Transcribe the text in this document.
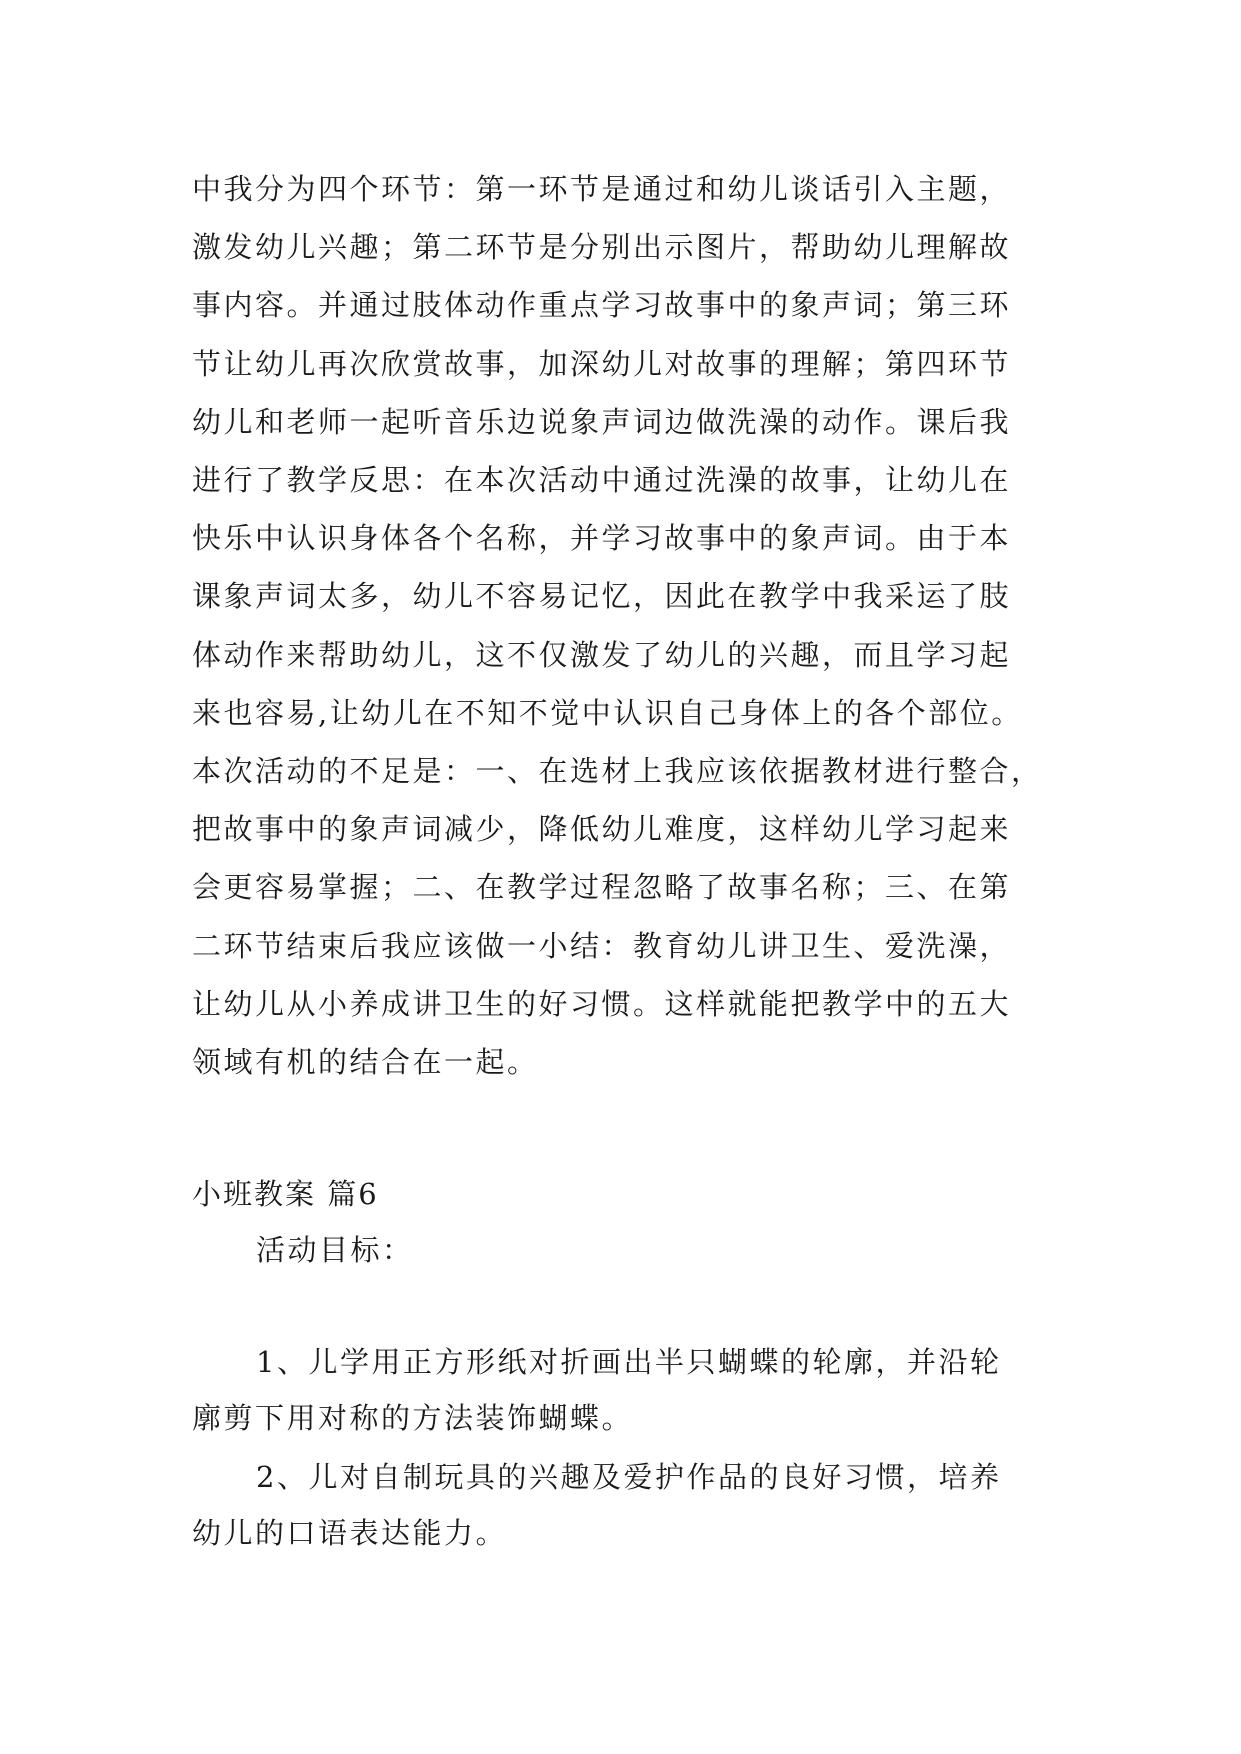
中我分为四个环节：第一环节是通过和幼儿谈话引入主题，
激发幼儿兴趣；第二环节是分别出示图片，帮助幼儿理解故
事内容。并通过肢体动作重点学习故事中的象声词；第三环
节让幼儿再次欣赏故事，加深幼儿对故事的理解；第四环节
幼儿和老师一起听音乐边说象声词边做洗澡的动作。课后我
进行了教学反思：在本次活动中通过洗澡的故事，让幼儿在
快乐中认识身体各个名称，并学习故事中的象声词。由于本
课象声词太多，幼儿不容易记忆，因此在教学中我采运了肢
体动作来帮助幼儿，这不仅激发了幼儿的兴趣，而且学习起
来也容易,让幼儿在不知不觉中认识自己身体上的各个部位。
本次活动的不足是：一、在选材上我应该依据教材进行整合，
把故事中的象声词减少，降低幼儿难度，这样幼儿学习起来
会更容易掌握；二、在教学过程忽略了故事名称；三、在第
二环节结束后我应该做一小结：教育幼儿讲卫生、爱洗澡，
让幼儿从小养成讲卫生的好习惯。这样就能把教学中的五大
领域有机的结合在一起。
小班教案 篇6
活动目标：
1、儿学用正方形纸对折画出半只蝴蝶的轮廓，并沿轮
廓剪下用对称的方法装饰蝴蝶。
2、儿对自制玩具的兴趣及爱护作品的良好习惯，培养
幼儿的口语表达能力。
